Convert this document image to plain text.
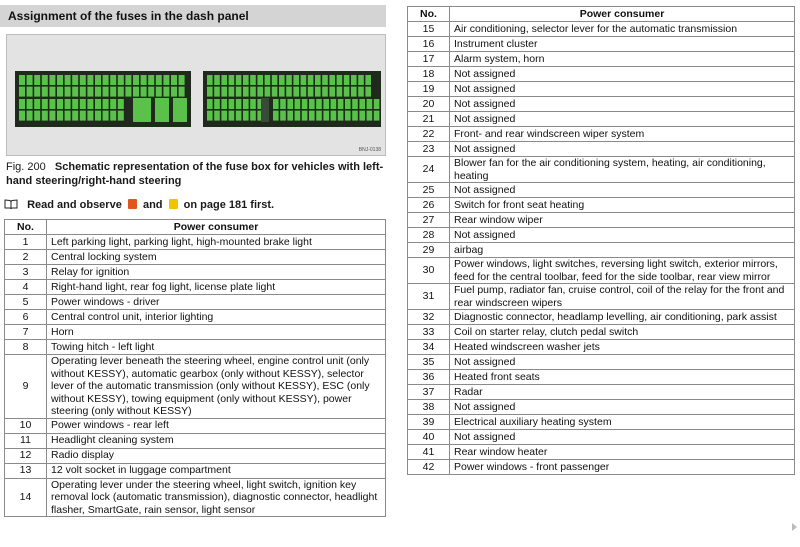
Assignment of the fuses in the dash panel
BNJ-0138
Fig. 200 Schematic representation of the fuse box for vehicles with left-hand steering/right-hand steering
Read and observe and on page 181 first.
No.	Power consumer
1	Left parking light, parking light, high-mounted brake light
2	Central locking system
3	Relay for ignition
4	Right-hand light, rear fog light, license plate light
5	Power windows - driver
6	Central control unit, interior lighting
7	Horn
8	Towing hitch - left light
9	Operating lever beneath the steering wheel, engine control unit (only without KESSY), automatic gearbox (only without KESSY), selector lever of the automatic transmission (only without KESSY), ESC (only without KESSY), towing equipment (only without KESSY), power steering (only without KESSY)
10	Power windows - rear left
11	Headlight cleaning system
12	Radio display
13	12 volt socket in luggage compartment
14	Operating lever under the steering wheel, light switch, ignition key removal lock (automatic transmission), diagnostic connector, headlight flasher, SmartGate, rain sensor, light sensor
No.	Power consumer
15	Air conditioning, selector lever for the automatic transmission
16	Instrument cluster
17	Alarm system, horn
18	Not assigned
19	Not assigned
20	Not assigned
21	Not assigned
22	Front- and rear windscreen wiper system
23	Not assigned
24	Blower fan for the air conditioning system, heating, air conditioning, heating
25	Not assigned
26	Switch for front seat heating
27	Rear window wiper
28	Not assigned
29	airbag
30	Power windows, light switches, reversing light switch, exterior mirrors, feed for the central toolbar, feed for the side toolbar, rear view mirror
31	Fuel pump, radiator fan, cruise control, coil of the relay for the front and rear windscreen wipers
32	Diagnostic connector, headlamp levelling, air conditioning, park assist
33	Coil on starter relay, clutch pedal switch
34	Heated windscreen washer jets
35	Not assigned
36	Heated front seats
37	Radar
38	Not assigned
39	Electrical auxiliary heating system
40	Not assigned
41	Rear window heater
42	Power windows - front passenger
